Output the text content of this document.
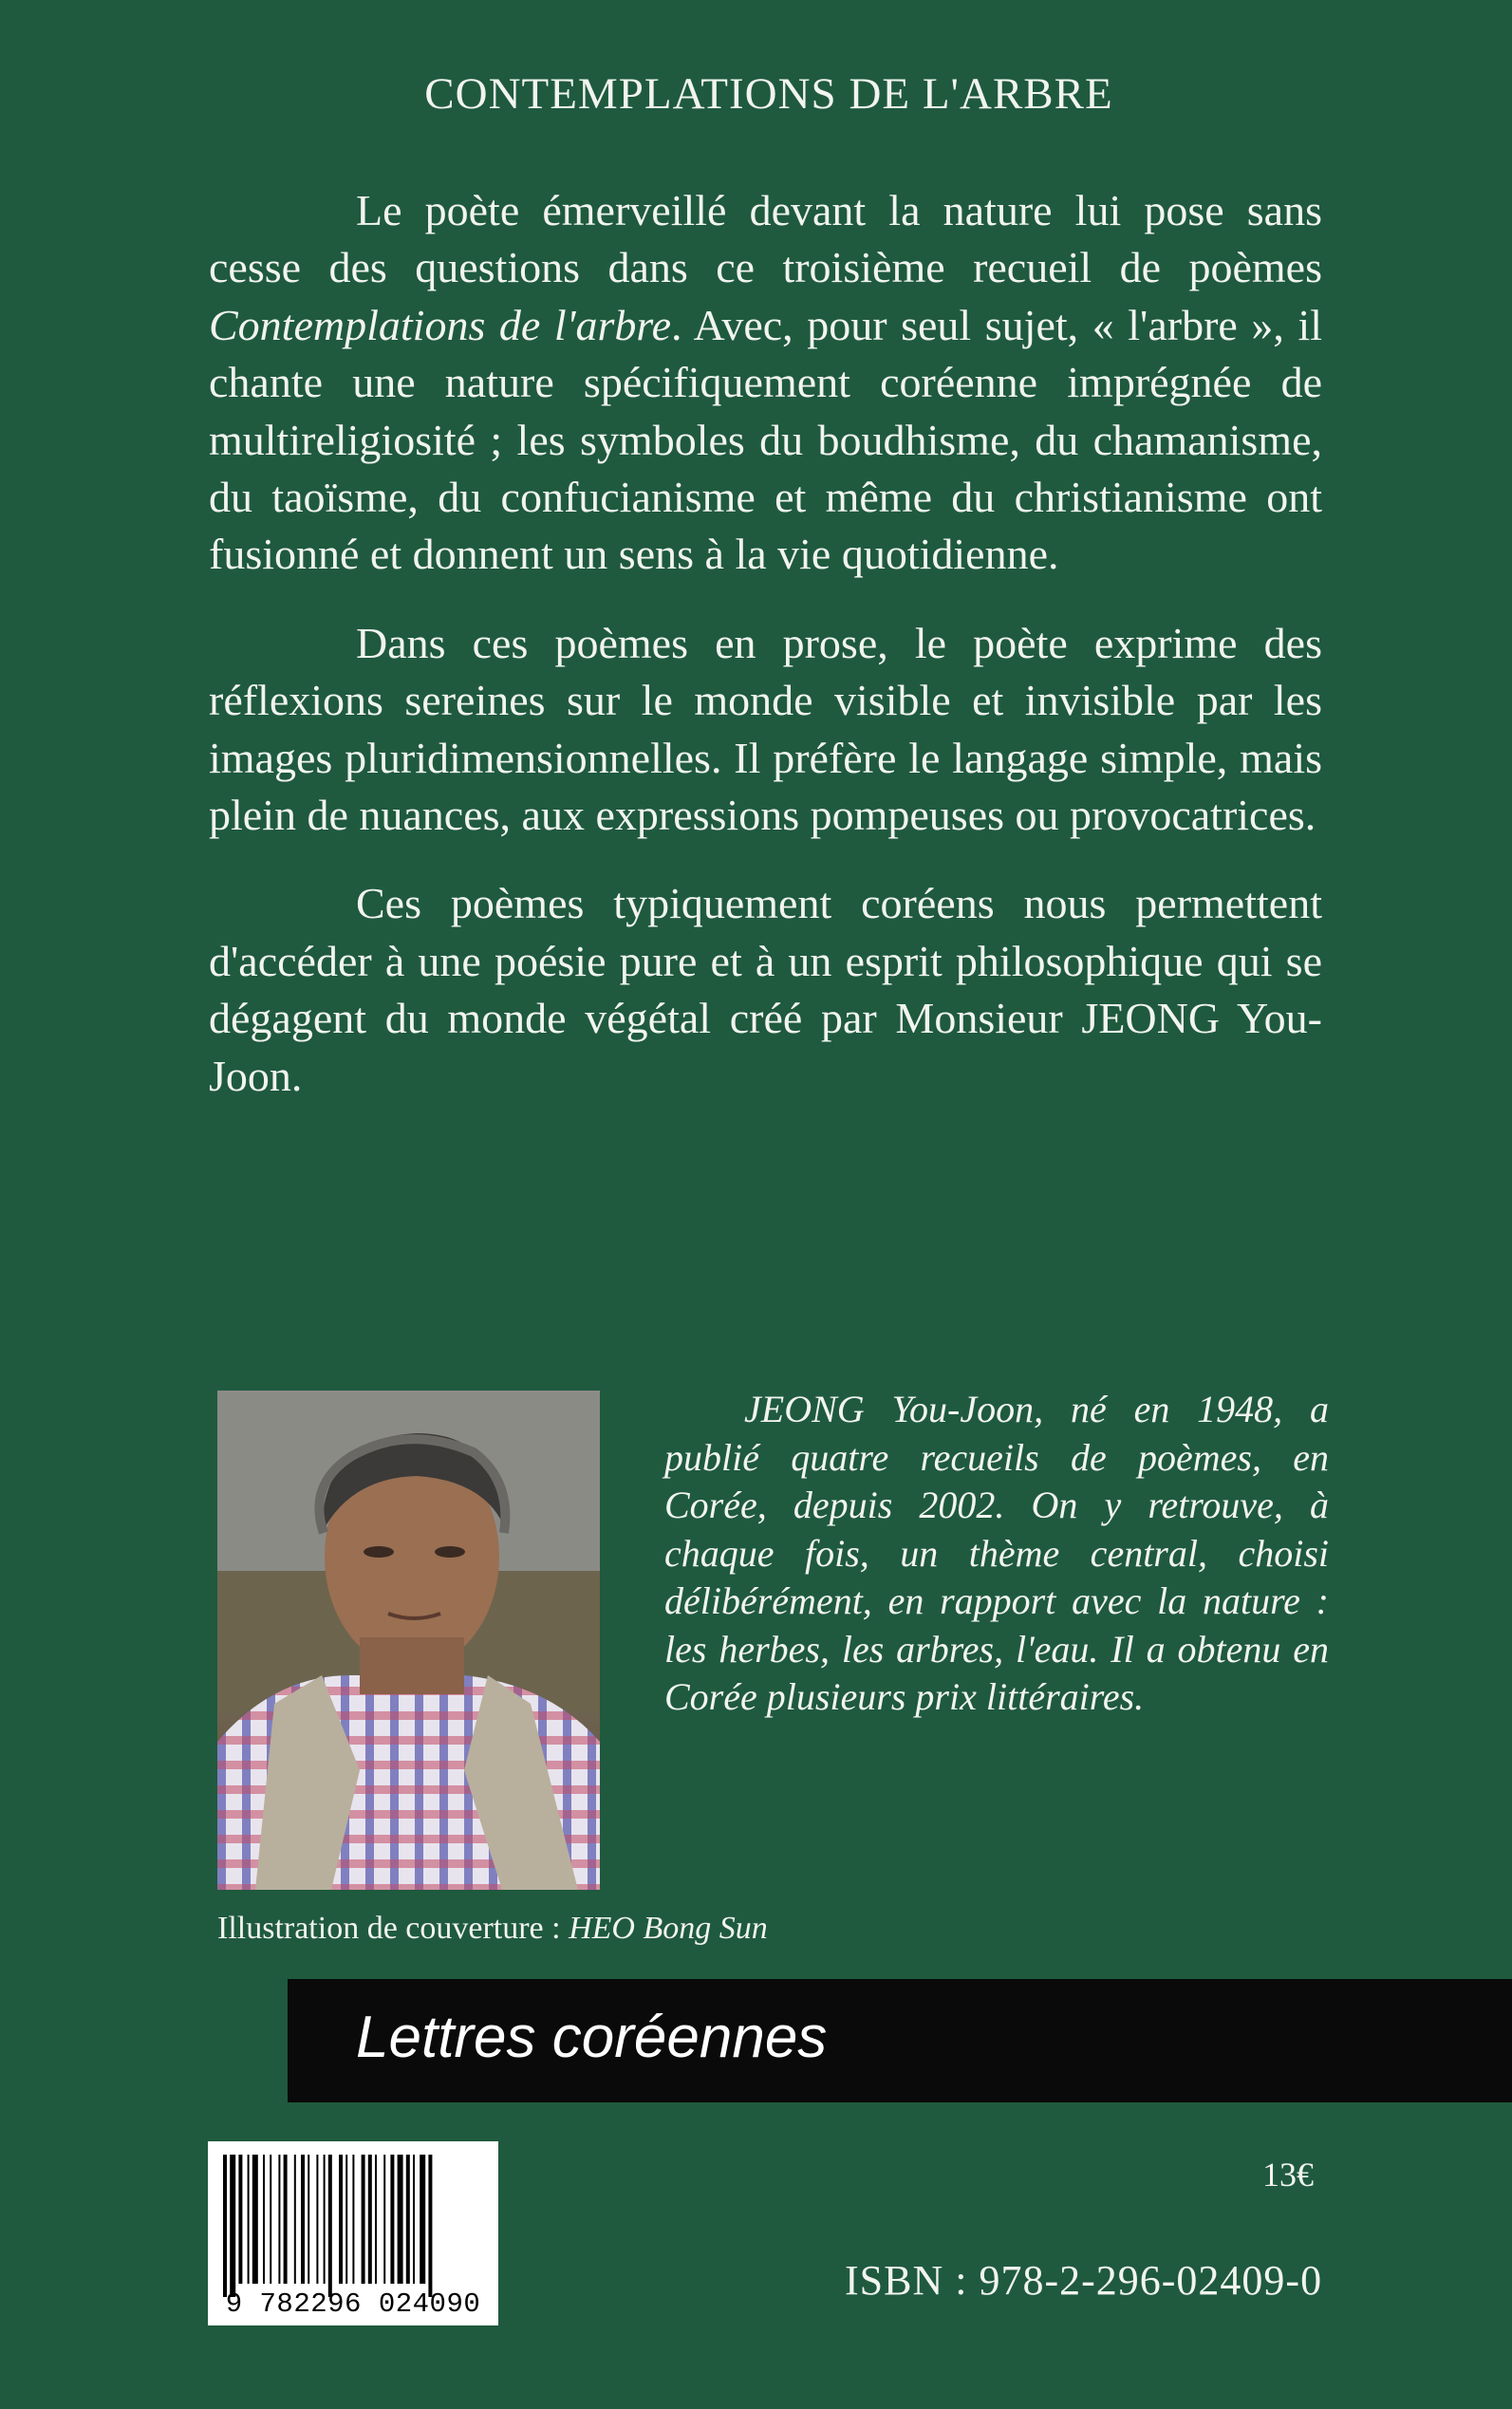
CONTEMPLATIONS DE L'ARBRE

Le poète émerveillé devant la nature lui pose sans cesse des questions dans ce troisième recueil de poèmes Contemplations de l'arbre. Avec, pour seul sujet, « l'arbre », il chante une nature spécifiquement coréenne imprégnée de multireligiosité ; les symboles du boudhisme, du chamanisme, du taoïsme, du confucianisme et même du christianisme ont fusionné et donnent un sens à la vie quotidienne.

Dans ces poèmes en prose, le poète exprime des réflexions sereines sur le monde visible et invisible par les images pluridimensionnelles. Il préfère le langage simple, mais plein de nuances, aux expressions pompeuses ou provocatrices.

Ces poèmes typiquement coréens nous permettent d'accéder à une poésie pure et à un esprit philosophique qui se dégagent du monde végétal créé par Monsieur JEONG You-Joon.

JEONG You-Joon, né en 1948, a publié quatre recueils de poèmes, en Corée, depuis 2002. On y retrouve, à chaque fois, un thème central, choisi délibérément, en rapport avec la nature : les herbes, les arbres, l'eau. Il a obtenu en Corée plusieurs prix littéraires.

Illustration de couverture : HEO Bong Sun

Lettres coréennes

9 782296 024090

13€

ISBN : 978-2-296-02409-0
